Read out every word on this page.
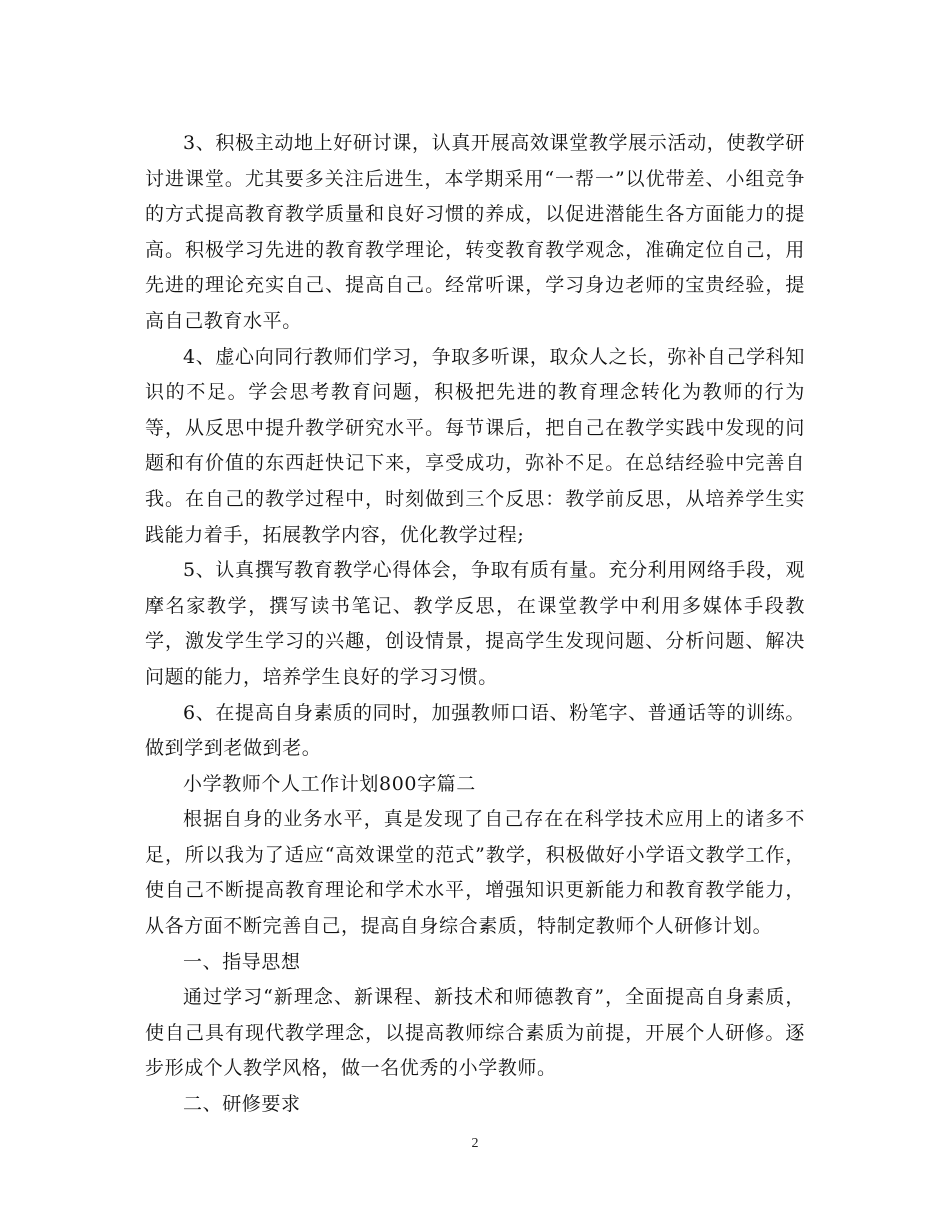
3、积极主动地上好研讨课，认真开展高效课堂教学展示活动，使教学研讨进课堂。尤其要多关注后进生，本学期采用“一帮一”以优带差、小组竞争的方式提高教育教学质量和良好习惯的养成，以促进潜能生各方面能力的提高。积极学习先进的教育教学理论，转变教育教学观念，准确定位自己，用先进的理论充实自己、提高自己。经常听课，学习身边老师的宝贵经验，提高自己教育水平。

4、虚心向同行教师们学习，争取多听课，取众人之长，弥补自己学科知识的不足。学会思考教育问题，积极把先进的教育理念转化为教师的行为等，从反思中提升教学研究水平。每节课后，把自己在教学实践中发现的问题和有价值的东西赶快记下来，享受成功，弥补不足。在总结经验中完善自我。在自己的教学过程中，时刻做到三个反思：教学前反思，从培养学生实践能力着手，拓展教学内容，优化教学过程;

5、认真撰写教育教学心得体会，争取有质有量。充分利用网络手段，观摩名家教学，撰写读书笔记、教学反思，在课堂教学中利用多媒体手段教学，激发学生学习的兴趣，创设情景，提高学生发现问题、分析问题、解决问题的能力，培养学生良好的学习习惯。

6、在提高自身素质的同时，加强教师口语、粉笔字、普通话等的训练。做到学到老做到老。

小学教师个人工作计划800字篇二

根据自身的业务水平，真是发现了自己存在在科学技术应用上的诸多不足，所以我为了适应“高效课堂的范式”教学，积极做好小学语文教学工作，使自己不断提高教育理论和学术水平，增强知识更新能力和教育教学能力，从各方面不断完善自己，提高自身综合素质，特制定教师个人研修计划。

一、指导思想

通过学习“新理念、新课程、新技术和师德教育”，全面提高自身素质，使自己具有现代教学理念，以提高教师综合素质为前提，开展个人研修。逐步形成个人教学风格，做一名优秀的小学教师。

二、研修要求

2
